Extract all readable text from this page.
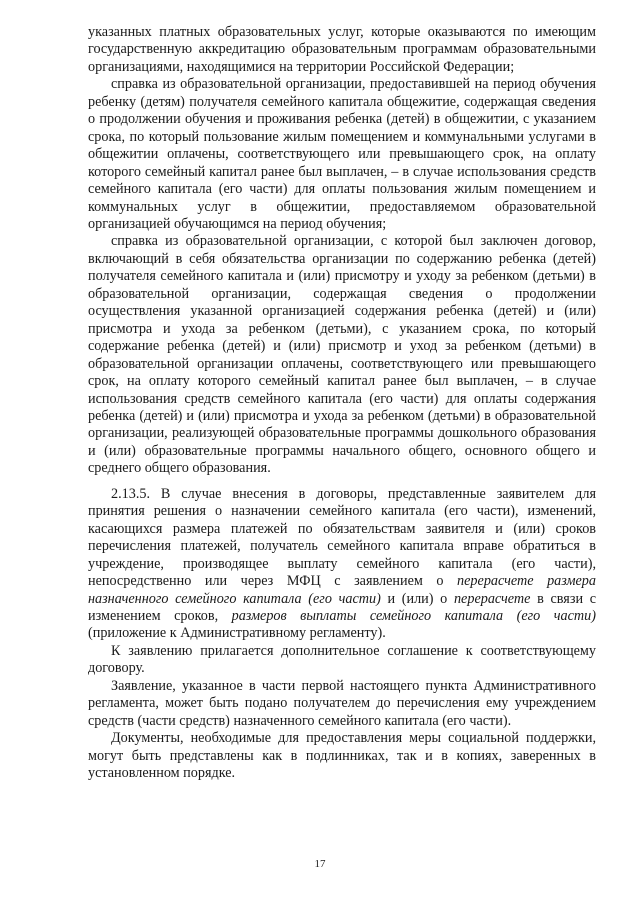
указанных платных образовательных услуг, которые оказываются по имеющим государственную аккредитацию образовательным программам образовательными организациями, находящимися на территории Российской Федерации;

справка из образовательной организации, предоставившей на период обучения ребенку (детям) получателя семейного капитала общежитие, содержащая сведения о продолжении обучения и проживания ребенка (детей) в общежитии, с указанием срока, по который пользование жилым помещением и коммунальными услугами в общежитии оплачены, соответствующего или превышающего срок, на оплату которого семейный капитал ранее был выплачен, – в случае использования средств семейного капитала (его части) для оплаты пользования жилым помещением и коммунальных услуг в общежитии, предоставляемом образовательной организацией обучающимся на период обучения;

справка из образовательной организации, с которой был заключен договор, включающий в себя обязательства организации по содержанию ребенка (детей) получателя семейного капитала и (или) присмотру и уходу за ребенком (детьми) в образовательной организации, содержащая сведения о продолжении осуществления указанной организацией содержания ребенка (детей) и (или) присмотра и ухода за ребенком (детьми), с указанием срока, по который содержание ребенка (детей) и (или) присмотр и уход за ребенком (детьми) в образовательной организации оплачены, соответствующего или превышающего срок, на оплату которого семейный капитал ранее был выплачен, – в случае использования средств семейного капитала (его части) для оплаты содержания ребенка (детей) и (или) присмотра и ухода за ребенком (детьми) в образовательной организации, реализующей образовательные программы дошкольного образования и (или) образовательные программы начального общего, основного общего и среднего общего образования.

2.13.5. В случае внесения в договоры, представленные заявителем для принятия решения о назначении семейного капитала (его части), изменений, касающихся размера платежей по обязательствам заявителя и (или) сроков перечисления платежей, получатель семейного капитала вправе обратиться в учреждение, производящее выплату семейного капитала (его части), непосредственно или через МФЦ с заявлением о перерасчете размера назначенного семейного капитала (его части) и (или) о перерасчете в связи с изменением сроков, размеров выплаты семейного капитала (его части) (приложение к Административному регламенту).

К заявлению прилагается дополнительное соглашение к соответствующему договору.

Заявление, указанное в части первой настоящего пункта Административного регламента, может быть подано получателем до перечисления ему учреждением средств (части средств) назначенного семейного капитала (его части).

Документы, необходимые для предоставления меры социальной поддержки, могут быть представлены как в подлинниках, так и в копиях, заверенных в установленном порядке.

17
